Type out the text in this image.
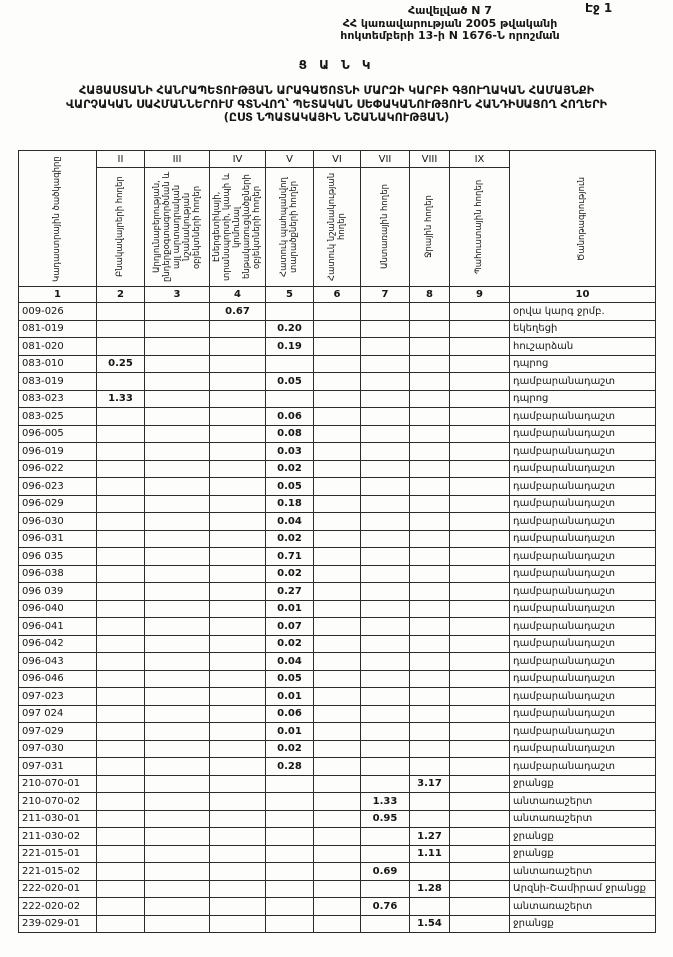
Էջ 1
Հավելված N 7
ՀՀ կառավարության 2005 թվականի
հոկտեմբերի 13-ի N 1676-Ն որոշման
Ց Ա Ն Կ
ՀԱՅԱՍՏԱՆԻ ՀԱՆՐԱՊԵՏՈՒԹՅԱՆ ԱՐԱԳԱԾՈՏՆԻ ՄԱՐԶԻ ԿԱՐԲԻ ԳՅՈՒՂԱԿԱՆ ՀԱՄԱՅՆՔԻ
ՎԱՐՉԱԿԱՆ ՍԱՀՄԱՆՆԵՐՈՒՄ ԳՏՆՎՈՂ՝ ՊԵՏԱԿԱՆ ՍԵՓԱԿԱՆՈՒԹՅՈՒՆ ՀԱՆԴԻՍԱՑՈՂ ՀՈՂԵՐԻ
(ԸՍՏ ՆՊԱՏԱԿԱՅԻՆ ՆՇԱՆԱԿՈՒԹՅԱՆ)
Կադաստրային ծածկագիրը	II	III	IV	V	VI	VII	VIII	IX	Ծանոթագրություն

	Բնակավայրերի հողեր	Արդյունաբերության, ընդերքօգտագործման և այլ արտադրական նշանակության օբյեկտների հողեր	Էներգետիկայի, տրանսպորտի, կապի և կոմունալ ենթակառուցվածքների օբյեկտների հողեր	Հատուկ պահպանվող տարածքների հողեր	Հատուկ նշանակության հողեր	Անտառային հողեր	Ջրային հողեր	Պահուստային հողեր	

1	2	3	4	5	6	7	8	9	10
009-026			0.67						օրվա կարգ ջրմբ.
081-019				0.20					եկեղեցի
081-020				0.19					հուշարձան
083-010	0.25								դպրոց
083-019				0.05					դամբարանադաշտ
083-023	1.33								դպրոց
083-025				0.06					դամբարանադաշտ
096-005				0.08					դամբարանադաշտ
096-019				0.03					դամբարանադաշտ
096-022				0.02					դամբարանադաշտ
096-023				0.05					դամբարանադաշտ
096-029				0.18					դամբարանադաշտ
096-030				0.04					դամբարանադաշտ
096-031				0.02					դամբարանադաշտ
096 035				0.71					դամբարանադաշտ
096-038				0.02					դամբարանադաշտ
096 039				0.27					դամբարանադաշտ
096-040				0.01					դամբարանադաշտ
096-041				0.07					դամբարանադաշտ
096-042				0.02					դամբարանադաշտ
096-043				0.04					դամբարանադաշտ
096-046				0.05					դամբարանադաշտ
097-023				0.01					դամբարանադաշտ
097 024				0.06					դամբարանադաշտ
097-029				0.01					դամբարանադաշտ
097-030				0.02					դամբարանադաշտ
097-031				0.28					դամբարանադաշտ
210-070-01							3.17		ջրանցք
210-070-02						1.33			անտառաշերտ
211-030-01						0.95			անտառաշերտ
211-030-02							1.27		ջրանցք
221-015-01							1.11		ջրանցք
221-015-02						0.69			անտառաշերտ
222-020-01							1.28		Արզնի-Շամիրամ ջրանցք
222-020-02						0.76			անտառաշերտ
239-029-01							1.54		ջրանցք
